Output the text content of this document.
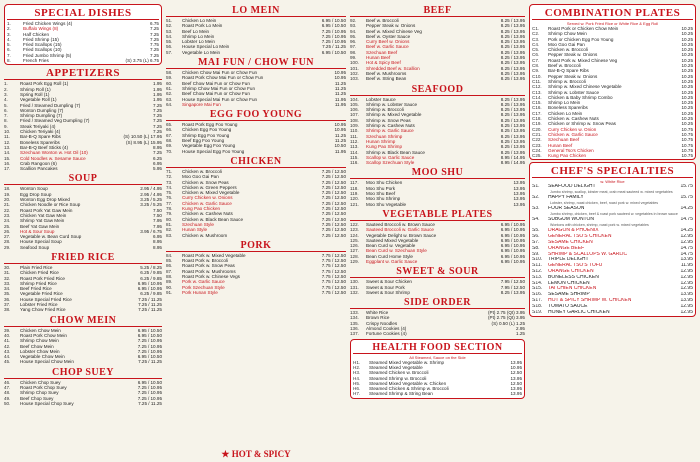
SPECIAL DISHES
1.	Fried Chicken Wings (4)	6.75
2.	Buffalo Wings (8)	7.25
3.	Half Chicken	7.25
4.	Fried Shrimp (15)	7.25
5.	Fried Scallops (15)	7.75
6.	Fried Scallops (10)	7.25
7.	Fried Jumbo Shrimp (5)	7.25
8.	French Fries	(S) 3.75 (L) 6.75
APPETIZERS
1.	Roast Pork Egg Roll (1)	1.95
2.	Shrimp Roll (1)	1.95
3.	Spring Roll (1)	1.95
4.	Vegetable Roll (1)	1.95
5.	Fried / Steamed Dumpling (7)	7.25
6.	Wonton Dumpling (7)	7.25
7.	Shrimp Dumpling (7)	7.25
8.	Fried / Steamed Veg Dumpling (7)	7.25
9.	Steak Teriyaki (4)	7.25
10.	Chicken Teriyaki (4)	7.25
11.	Bar-B-Q Spare Ribs	(S) 10.50 (L) 17.95
12.	Boneless Spareribs	(S) 8.95 (L) 15.95
13.	Bar-B-Q Beef Sticks (4)	8.95
14.	Szechuan Wonton w. Hot Oil (10)	7.25
15.	Cold Noodles w. Sesame Sauce	6.25
16.	Crab Rangoon (6)	6.95
17.	Scallion Pancakes	5.95
SOUP
18.	Wonton Soup	2.95 / 4.95
19.	Egg Drop Soup	2.95 / 4.95
20.	Wonton Egg Drop Mixed	3.25 / 5.25
21.	Chicken Noodle or Rice Soup	3.25 / 5.25
22.	Roast Pork Yat Gaw Mein	7.50
23.	Chicken Yat Gaw Mein	7.50
24.	Shrimp Yat Gaw Mein	7.95
25.	Beef Yat Gaw Mein	7.95
26.	Hot & Sour Soup	3.95 / 6.75
27.	Vegetable w. Bean Curd Soup	6.95
28.	House Special Soup	8.95
29.	Seafood Soup	8.95
FRIED RICE
30.	Plain Fried Rice	5.25 / 8.25
31.	Chicken Fried Rice	6.25 / 9.85
32.	Roast Pork Fried Rice	6.25 / 9.85
33.	Shrimp Fried Rice	6.95 / 10.95
34.	Beef Fried Rice	6.95 / 10.95
35.	Vegetable Fried Rice	6.25 / 9.85
36.	House Special Fried Rice	7.25 / 11.25
37.	Lobster Fried Rice	7.25 / 11.25
38.	Yang Chow Fried Rice	7.25 / 11.25
CHOW MEIN
39.	Chicken Chow Mein	6.95 / 10.50
40.	Roast Pork Chow Mein	6.95 / 10.50
41.	Shrimp Chow Mein	7.25 / 10.95
42.	Beef Chow Mein	7.25 / 10.95
43.	Lobster Chow Mein	7.25 / 10.95
44.	Vegetable Chow Mein	6.95 / 10.50
45.	House Special Chow Mein	7.25 / 11.25
CHOP SUEY
46.	Chicken Chop Suey	6.95 / 10.50
47.	Roast Pork Chop Suey	7.25 / 10.95
48.	Shrimp Chop Suey	7.25 / 10.95
49.	Beef Chop Suey	7.25 / 10.95
50.	House Special Chop Suey	7.25 / 11.25
LO MEIN
51.	Chicken Lo Mein	6.95 / 10.50
52.	Roast Pork Lo Mein	6.95 / 10.50
53.	Beef Lo Mein	7.25 / 10.95
54.	Shrimp Lo Mein	7.25 / 10.95
55.	Lobster Lo Mein	7.25 / 10.95
56.	House Special Lo Mein	7.25 / 11.25
57.	Vegetable Lo Mein	6.95 / 10.50
MAI FUN / CHOW FUN
58.	Chicken Chow Mai Fun or Chow Fun	10.95
59.	Roast Pork Chow Mai Fun or Chow Fun	10.95
60.	Beef Chow Mai Fun or Chow Fun	11.25
61.	Shrimp Chow Mai Fun or Chow Fun	11.25
62.	Beef Chow Mai Fun or Chow Fun	11.25
63.	House Special Mai Fun or Chow Fun	11.95
64.	Singapore Mai Fun	11.95
EGG FOO YOUNG
65.	Roast Pork Egg Foo Young	10.95
66.	Chicken Egg Foo Young	10.95
67.	Shrimp Egg Foo Young	11.25
68.	Beef Egg Foo Young	11.25
69.	Vegetable Egg Foo Young	10.50
70.	House Special Egg Foo Young	11.95
CHICKEN
71.	Chicken w. Broccoli	7.25 / 12.50
72.	Moo Goo Gai Pan	7.25 / 12.50
73.	Chicken w. Snow Peas	7.25 / 12.50
74.	Chicken w. Green Peppers	7.25 / 12.50
75.	Chicken w. Mixed Vegetable	7.25 / 12.50
76.	Curry Chicken w. Onions	7.25 / 12.50
77.	Chicken w. Garlic Sauce	7.25 / 12.50
78.	Kung Pao Chicken	7.25 / 12.50
79.	Chicken w. Cashew Nuts	7.25 / 12.50
80.	Chicken w. Black Bean Sauce	7.25 / 12.50
81.	Szechuan Style	7.25 / 12.50
82.	Hunan Style	7.25 / 12.50
83.	Chicken w. Mushroom	7.25 / 12.50
PORK
84.	Roast Pork w. Mixed Vegetable	7.75 / 12.50
85.	Roast Pork w. Broccoli	7.75 / 12.50
86.	Roast Pork w. Snow Peas	7.75 / 12.50
87.	Roast Pork w. Mushrooms	7.75 / 12.50
88.	Roast Pork w. Chinese Vegs	7.75 / 12.50
89.	Pork w. Garlic Sauce	7.75 / 12.50
90.	Pork Szechuan Style	7.75 / 12.50
91.	Pork Hunan Style	7.75 / 12.50
★ HOT & SPICY
BEEF
92.	Beef w. Broccoli	8.25 / 13.95
93.	Pepper Steak w. Onions	8.25 / 13.95
94.	Beef w. Mixed Chinese Veg	8.25 / 13.95
95.	Beef w. Oyster Sauce	8.25 / 13.95
96.	Curry Beef w. Onions	8.25 / 13.95
97.	Beef w. Garlic Sauce	8.25 / 13.95
98.	Szechuan Beef	8.25 / 13.95
99.	Hunan Beef	8.25 / 13.95
100.	Hot & Spicy Beef	8.25 / 13.95
101.	Shredded Beef w. Scallion	8.25 / 13.95
102.	Beef w. Mushrooms	8.25 / 13.95
103.	Beef w. String Bean	8.25 / 13.95
SEAFOOD
104.	Lobster Sauce	8.25 / 13.95
105.	Shrimp w. Lobster Sauce	8.25 / 13.95
106.	Shrimp w. Broccoli	8.25 / 13.95
107.	Shrimp w. Mixed Vegetable	8.25 / 13.95
108.	Shrimp w. Snow Peas	8.25 / 13.95
109.	Shrimp w. Cashew Nuts	8.25 / 13.95
110.	Shrimp w. Garlic Sauce	8.25 / 13.95
111.	Szechuan Shrimp	8.25 / 13.95
112.	Hunan Shrimp	8.25 / 13.95
113.	Kung Pao Shrimp	8.25 / 13.95
114.	Shrimp w. Black Bean Sauce	8.25 / 13.95
115.	Scallop w. Garlic Sauce	8.95 / 14.95
116.	Scallop Szechuan Style	8.95 / 14.95
MOO SHU
117.	Moo Shu Chicken	13.95
118.	Moo Shu Pork	13.95
119.	Moo Shu Beef	13.95
120.	Moo Shu Shrimp	13.95
121.	Moo Shu Vegetable	13.95
VEGETABLE PLATES
122.	Sauteed Broccoli w. Brown Sauce	6.95 / 10.95
123.	Sauteed Broccoli w. Garlic Sauce	6.95 / 10.95
124.	Vegetable Delight w. Brown Sauce	6.95 / 10.95
125.	Sauteed Mixed Vegetable	6.95 / 10.95
126.	Bean Curd w. Vegetable	6.95 / 10.95
127.	Bean Curd w. Szechuan Style	6.95 / 10.95
128.	Bean Curd Home Style	6.95 / 10.95
129.	Eggplant w. Garlic Sauce	6.95 / 10.95
SWEET & SOUR
130.	Sweet & Sour Chicken	7.95 / 12.50
131.	Sweet & Sour Pork	7.95 / 12.50
132.	Sweet & Sour Shrimp	8.25 / 13.95
SIDE ORDER
133.	White Rice	(Pt) 2.75 (Qt) 3.95
134.	Brown Rice	(Pt) 2.75 (Qt) 3.95
135.	Crispy Noodles	(S) 0.50 (L) 1.25
136.	Almond Cookies (4)	2.95
137.	Fortune Cookies (4)	1.25
HEALTH FOOD SECTION
All Steamed, Sauce on the Side
H1.	Steamed Mixed Vegetable w. Shrimp	13.95
H2.	Steamed Mixed Vegetable	10.95
H3.	Steamed Chicken w. Broccoli	12.50
H4.	Steamed Shrimp w. Broccoli	13.95
H5.	Steamed Mixed Vegetable w. Chicken	12.50
H6.	Steamed Chicken & Shrimp w. Broccoli	13.95
H7.	Steamed Shrimp & String Bean	13.95
COMBINATION PLATES
Served w. Pork Fried Rice or White Rice & Egg Roll
C1.	Roast Pork or Chicken Chow Mein	10.25
C2.	Shrimp Chow Mein	10.25
C3.	Pork or Chicken Egg Foo Young	10.25
C4.	Moo Goo Gai Pan	10.25
C5.	Chicken w. Broccoli	10.25
C6.	Pepper Steak w. Onions	10.25
C7.	Roast Pork w. Mixed Chinese Veg	10.25
C8.	Beef w. Broccoli	10.25
C9.	Bar-B-Q Spare Ribs	10.25
C10.	Pepper Steak w. Onions	10.25
C11.	Shrimp w. Broccoli	10.25
C12.	Shrimp w. Mixed Chinese Vegetable	10.25
C13.	Shrimp w. Lobster Sauce	10.25
C14.	Chicken & Baby Shrimp Combo	10.25
C15.	Shrimp Lo Mein	10.25
C16.	Boneless Spareribs	10.25
C17.	Chicken Lo Mein	10.25
C18.	Chicken w. Cashew Nuts	10.25
C19.	Chicken or Shrimp w. Snow Peas	10.25
C20.	Curry Chicken w. Onion	10.75
C21.	Chicken w. Garlic Sauce	10.75
C22.	Szechuan Beef	10.75
C23.	Hunan Beef	10.75
C24.	General Tso's Chicken	10.75
C25.	Kung Pao Chicken	10.75
CHEF'S SPECIALTIES
w. White Rice
S1.	SEAFOOD DELIGHT	15.75
Jumbo shrimp, scallop, lobster meat, crab meat sauteed w. mixed vegetables
S2.	HAPPY FAMILY	15.75
Lobster, shrimp, roast chicken, beef, roast pork w. mixed vegetables
S3.	FOUR SEASON	14.25
Jumbo shrimp, chicken, beef & roast pork sauteed w. vegetables in brown sauce
S4.	SUBGUM WONTON	14.75
Wontons with chicken, shrimp, roast pork w. mixed vegetables
S5.	DRAGON & PHOENIX	14.25
S6.	GENERAL TSO'S CHICKEN	12.95
S7.	SESAME CHICKEN	12.95
S8.	ORANGE BEEF	14.75
S9.	SHRIMP & SCALLOPS W. GARLIC	14.75
S10.	TRIPLE DELIGHT	13.95
S11.	GENERAL TSO'S TOFU	11.95
S12.	ORANGE CHICKEN	12.95
S13.	BONELESS CHICKEN	12.95
S14.	LEMON CHICKEN	12.95
S15.	TAI CHIEN CHICKEN	12.95
S16.	SESAME SHRIMP	13.95
S17.	HOT & SPICY SHRIMP W. CHICKEN	13.95
S18.	TOMATO SAUCE	12.95
S19.	HONEY GARLIC CHICKEN	12.95
